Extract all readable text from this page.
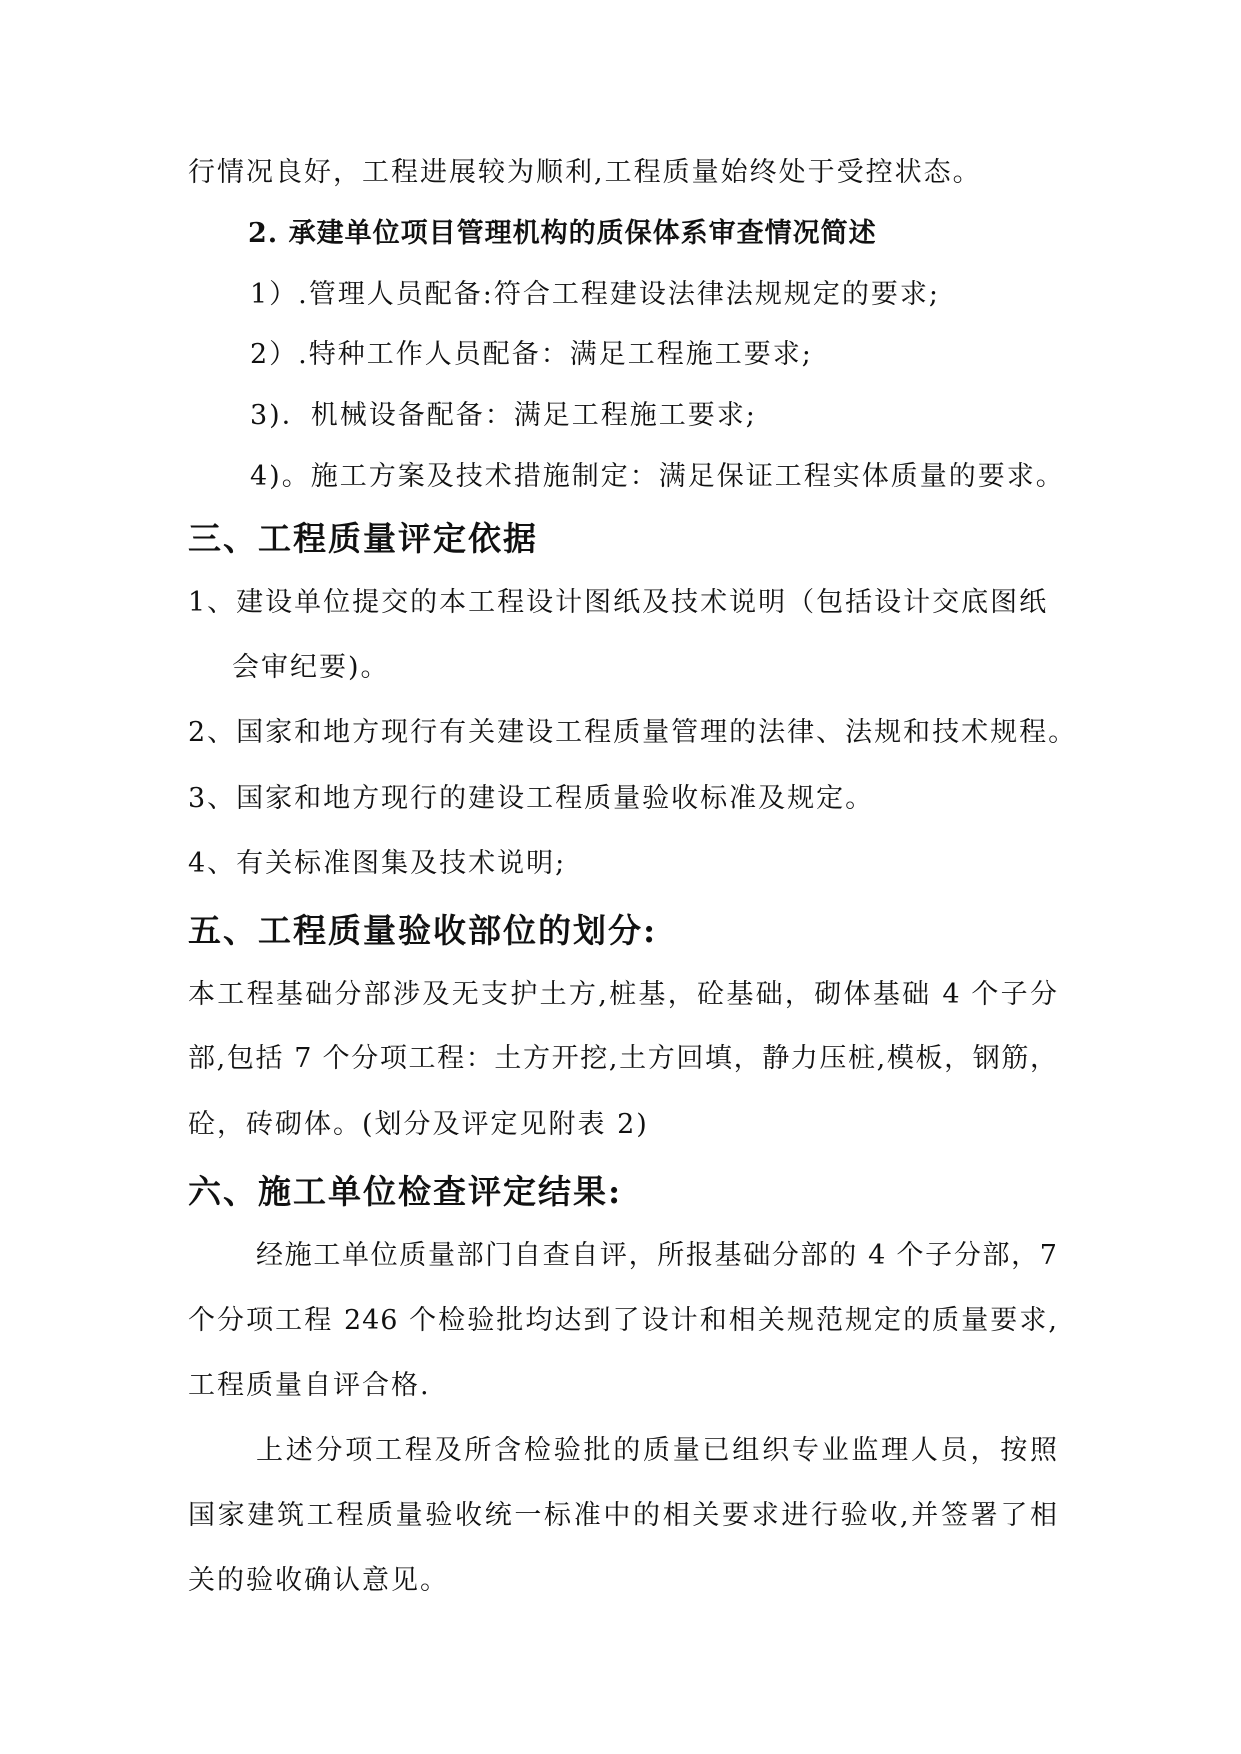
行情况良好，工程进展较为顺利,工程质量始终处于受控状态。
2. 承建单位项目管理机构的质保体系审查情况简述
1）.管理人员配备:符合工程建设法律法规规定的要求;
2）.特种工作人员配备：满足工程施工要求;
3)．机械设备配备：满足工程施工要求;
4)。施工方案及技术措施制定：满足保证工程实体质量的要求。
三、工程质量评定依据
1、建设单位提交的本工程设计图纸及技术说明（包括设计交底图纸
会审纪要)。
2、国家和地方现行有关建设工程质量管理的法律、法规和技术规程。
3、国家和地方现行的建设工程质量验收标准及规定。
4、有关标准图集及技术说明;
五、工程质量验收部位的划分:
本工程基础分部涉及无支护土方,桩基，砼基础，砌体基础 4 个子分
部,包括 7 个分项工程：土方开挖,土方回填，静力压桩,模板，钢筋，
砼，砖砌体。(划分及评定见附表 2)
六、施工单位检查评定结果:
经施工单位质量部门自查自评，所报基础分部的 4 个子分部，7
个分项工程 246 个检验批均达到了设计和相关规范规定的质量要求,
工程质量自评合格.
上述分项工程及所含检验批的质量已组织专业监理人员，按照
国家建筑工程质量验收统一标准中的相关要求进行验收,并签署了相
关的验收确认意见。
